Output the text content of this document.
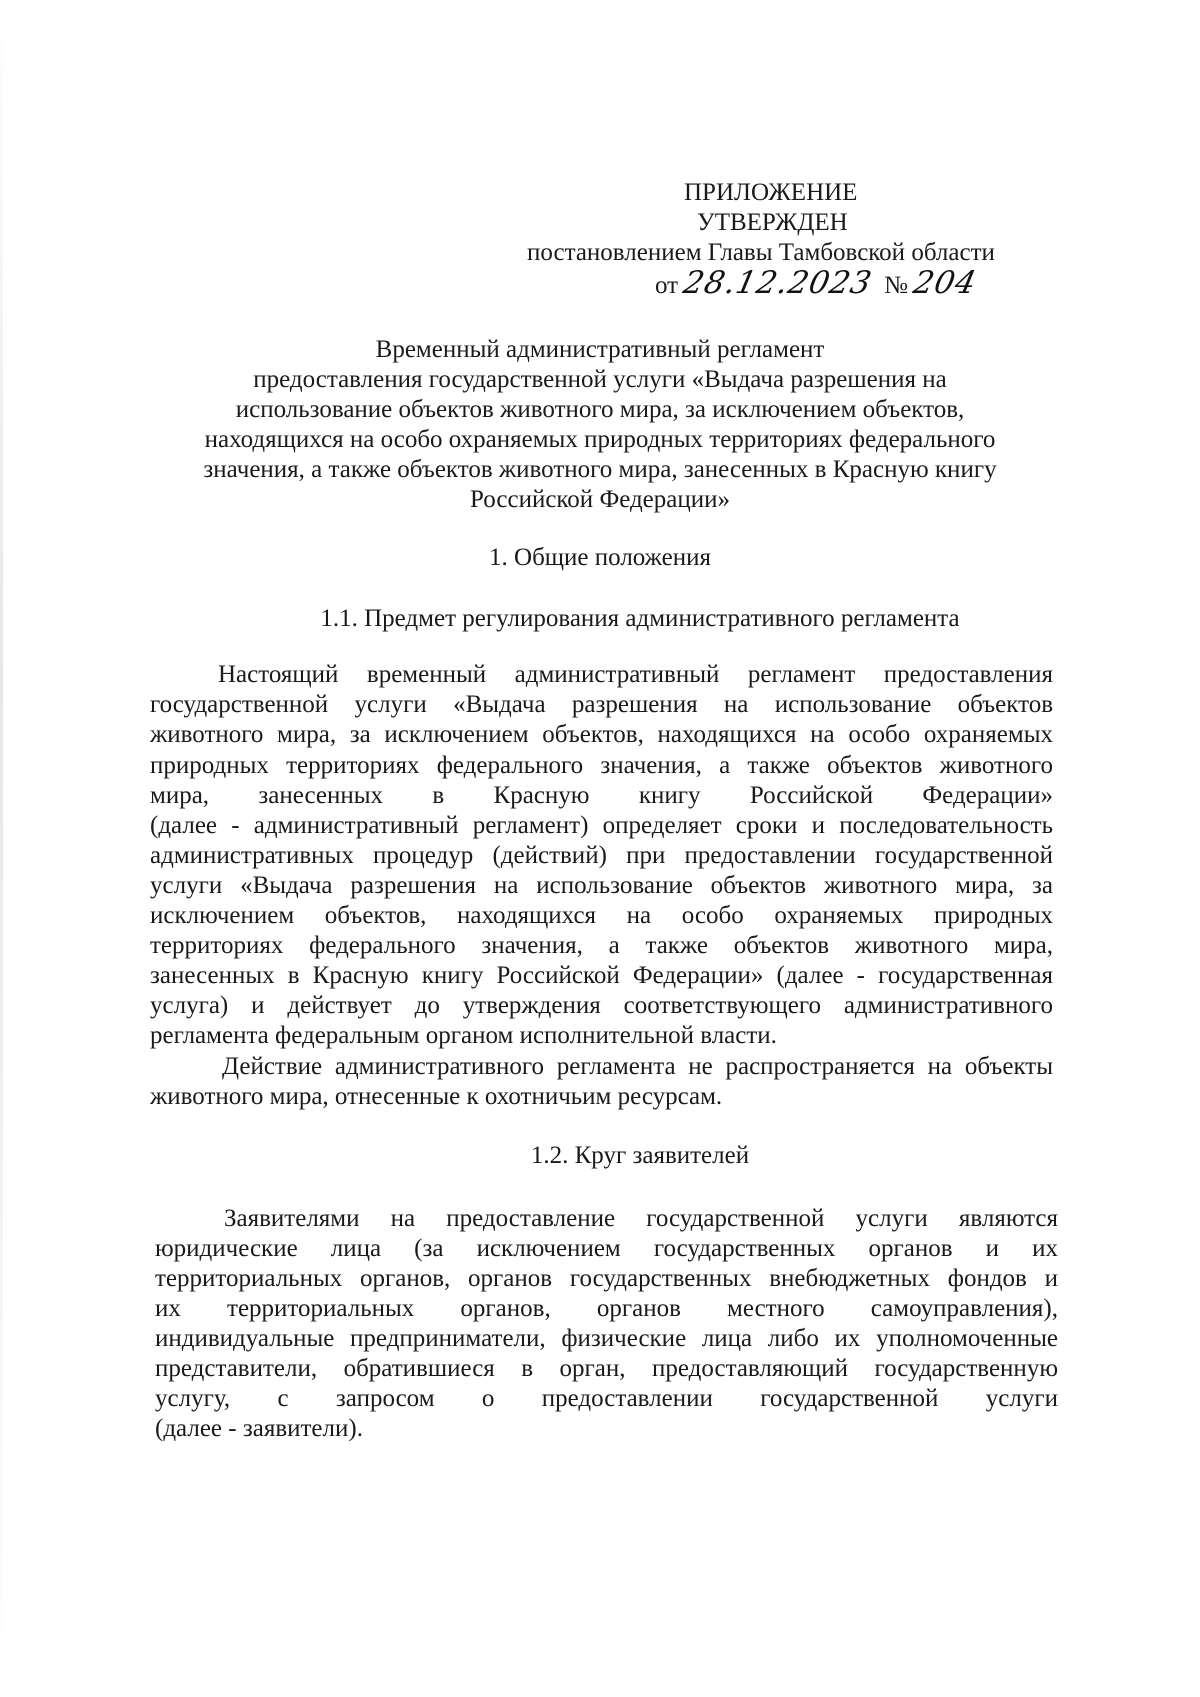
ПРИЛОЖЕНИЕ
УТВЕРЖДЕН
постановлением Главы Тамбовской области
от 28.12.2023 № 204
Временный административный регламент
предоставления государственной услуги «Выдача разрешения на
использование объектов животного мира, за исключением объектов,
находящихся на особо охраняемых природных территориях федерального
значения, а также объектов животного мира, занесенных в Красную книгу
Российской Федерации»
1. Общие положения
1.1. Предмет регулирования административного регламента
Настоящий временный административный регламент предоставления
государственной услуги «Выдача разрешения на использование объектов
животного мира, за исключением объектов, находящихся на особо охраняемых
природных территориях федерального значения, а также объектов животного
мира, занесенных в Красную книгу Российской Федерации»
(далее - административный регламент) определяет сроки и последовательность
административных процедур (действий) при предоставлении государственной
услуги «Выдача разрешения на использование объектов животного мира, за
исключением объектов, находящихся на особо охраняемых природных
территориях федерального значения, а также объектов животного мира,
занесенных в Красную книгу Российской Федерации» (далее - государственная
услуга) и действует до утверждения соответствующего административного
регламента федеральным органом исполнительной власти.
Действие административного регламента не распространяется на объекты
животного мира, отнесенные к охотничьим ресурсам.
1.2. Круг заявителей
Заявителями на предоставление государственной услуги являются
юридические лица (за исключением государственных органов и их
территориальных органов, органов государственных внебюджетных фондов и
их территориальных органов, органов местного самоуправления),
индивидуальные предприниматели, физические лица либо их уполномоченные
представители, обратившиеся в орган, предоставляющий государственную
услугу, с запросом о предоставлении государственной услуги
(далее - заявители).
